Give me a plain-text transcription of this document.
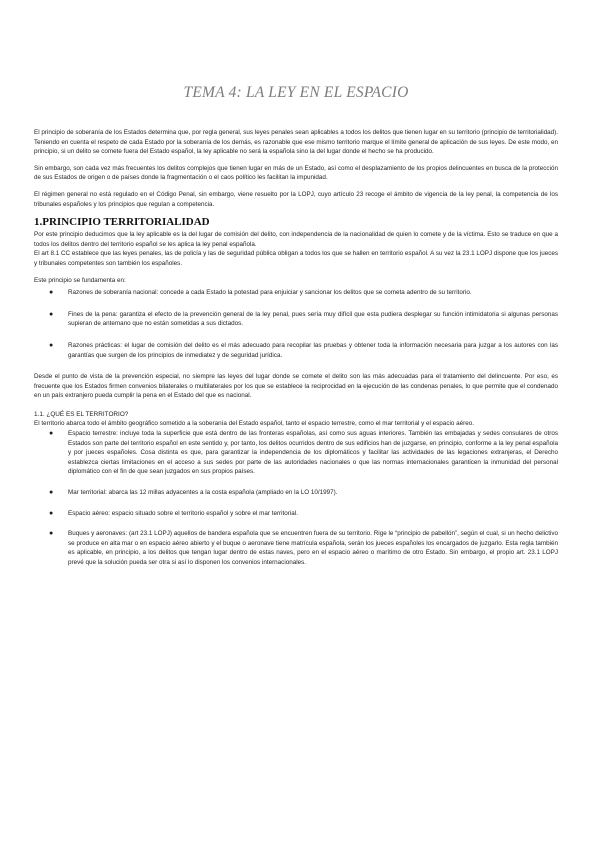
TEMA 4: LA LEY EN EL ESPACIO

El principio de soberanía de los Estados determina que, por regla general, sus leyes penales sean aplicables a todos los delitos que tienen lugar en su territorio (principio de territorialidad). Teniendo en cuenta el respeto de cada Estado por la soberanía de los demás, es razonable que ese mismo territorio marque el límite general de aplicación de sus leyes. De este modo, en principio, si un delito se comete fuera del Estado español, la ley aplicable no será la española sino la del lugar donde el hecho se ha producido.

Sin embargo, son cada vez más frecuentes los delitos complejos que tienen lugar en más de un Estado, así como el desplazamiento de los propios delincuentes en busca de la protección de sus Estados de origen o de países donde la fragmentación o el caos político les facilitan la impunidad.

El régimen general no está regulado en el Código Penal, sin embargo, viene resuelto por la LOPJ, cuyo artículo 23 recoge el ámbito de vigencia de la ley penal, la competencia de los tribunales españoles y los principios que regulan a competencia.

1.PRINCIPIO TERRITORIALIDAD

Por este principio deducimos que la ley aplicable es la del lugar de comisión del delito, con independencia de la nacionalidad de quien lo comete y de la víctima. Esto se traduce en que a todos los delitos dentro del territorio español se les aplica la ley penal española.

El art 8.1 CC establece que las leyes penales, las de policía y las de seguridad pública obligan a todos los que se hallen en territorio español. A su vez la 23.1 LOPJ dispone que los jueces y tribunales competentes son también los españoles.

Este principio se fundamenta en:

● Razones de soberanía nacional: concede a cada Estado la potestad para enjuiciar y sancionar los delitos que se cometa adentro de su territorio.
● Fines de la pena: garantiza el efecto de la prevención general de la ley penal, pues sería muy difícil que esta pudiera desplegar su función intimidatoria si algunas personas supieran de antemano que no están sometidas a sus dictados.
● Razones prácticas: el lugar de comisión del delito es el más adecuado para recopilar las pruebas y obtener toda la información necesaria para juzgar a los autores con las garantías que surgen de los principios de inmediatez y de seguridad jurídica.

Desde el punto de vista de la prevención especial, no siempre las leyes del lugar donde se comete el delito son las más adecuadas para el tratamiento del delincuente. Por eso, es frecuente que los Estados firmen convenios bilaterales o multilaterales por los que se establece la reciprocidad en la ejecución de las condenas penales, lo que permite que el condenado en un país extranjero pueda cumplir la pena en el Estado del que es nacional.

1.1. ¿QUÉ ES EL TERRITORIO?

El territorio abarca todo el ámbito geográfico sometido a la soberanía del Estado español, tanto el espacio terrestre, como el mar territorial y el espacio aéreo.

● Espacio terrestre: incluye toda la superficie que está dentro de las fronteras españolas, así como sus aguas interiores. También las embajadas y sedes consulares de otros Estados son parte del territorio español en este sentido y, por tanto, los delitos ocurridos dentro de sus edificios han de juzgarse, en principio, conforme a la ley penal española y por jueces españoles. Cosa distinta es que, para garantizar la independencia de los diplomáticos y facilitar las actividades de las legaciones extranjeras, el Derecho establezca ciertas limitaciones en el acceso a sus sedes por parte de las autoridades nacionales o que las normas internacionales garanticen la inmunidad del personal diplomático con el fin de que sean juzgados en sus propios países.
● Mar territorial: abarca las 12 millas adyacentes a la costa española (ampliado en la LO 10/1997).
● Espacio aéreo: espacio situado sobre el territorio español y sobre el mar territorial.
● Buques y aeronaves: (art 23.1 LOPJ) aquellos de bandera española que se encuentren fuera de su territorio. Rige le “principio de pabellón”, según el cual, si un hecho delictivo se produce en alta mar o en espacio aéreo abierto y el buque o aeronave tiene matrícula española, serán los jueces españoles los encargados de juzgarlo. Esta regla también es aplicable, en principio, a los delitos que tengan lugar dentro de estas naves, pero en el espacio aéreo o marítimo de otro Estado. Sin embargo, el propio art. 23.1 LOPJ prevé que la solución pueda ser otra si así lo disponen los convenios internacionales.
